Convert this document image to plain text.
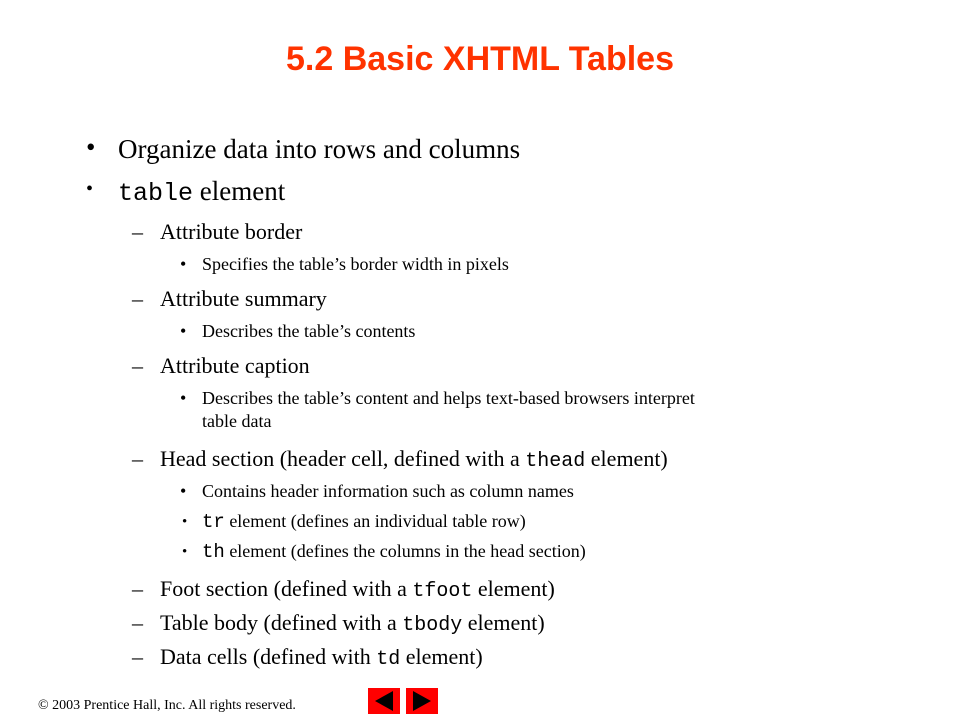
5.2 Basic XHTML Tables
• Organize data into rows and columns
• table element
– Attribute border
• Specifies the table’s border width in pixels
– Attribute summary
• Describes the table’s contents
– Attribute caption
• Describes the table’s content and helps text-based browsers interpret
table data
– Head section (header cell, defined with a thead element)
• Contains header information such as column names
• tr element (defines an individual table row)
• th element (defines the columns in the head section)
– Foot section (defined with a tfoot element)
– Table body (defined with a tbody element)
– Data cells (defined with td element)
© 2003 Prentice Hall, Inc. All rights reserved.
